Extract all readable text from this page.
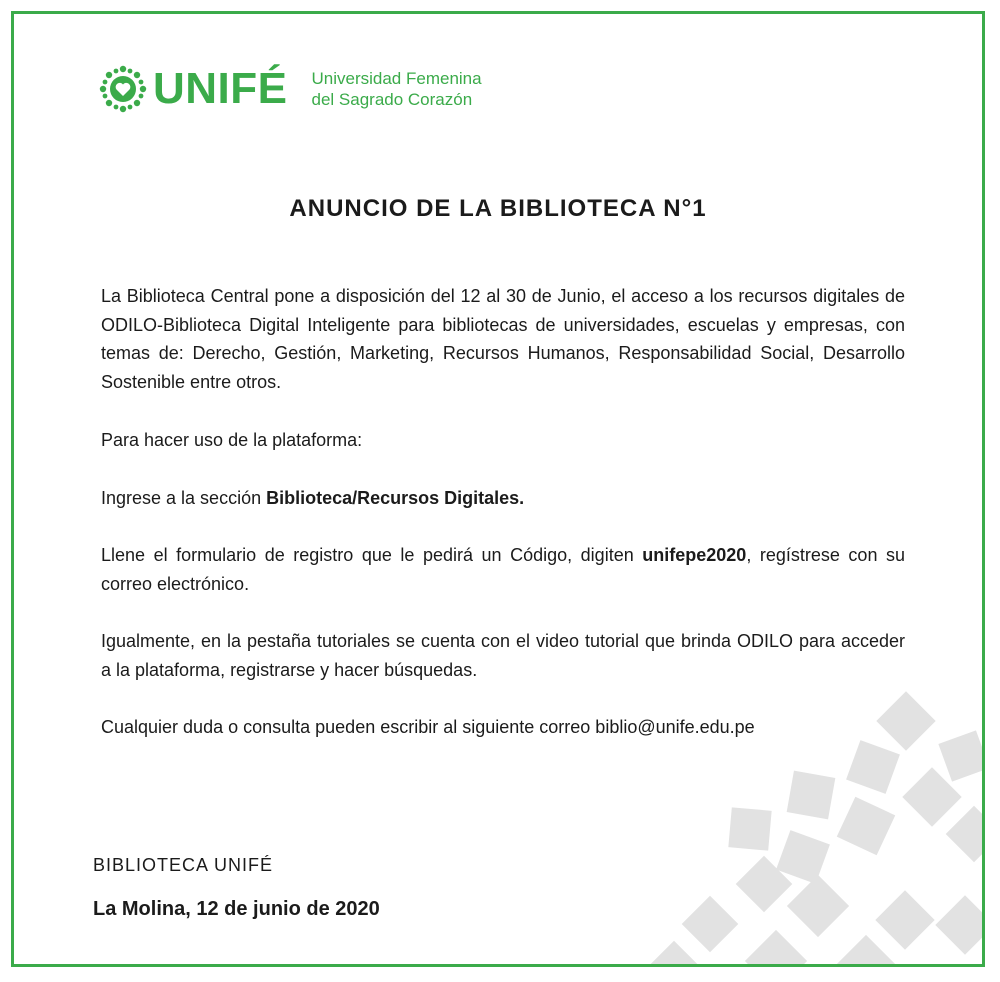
UNIFÉ Universidad Femenina
del Sagrado Corazón
ANUNCIO DE LA BIBLIOTECA N°1
La Biblioteca Central pone a disposición del 12 al 30 de Junio, el acceso a los recursos digitales de ODILO-Biblioteca Digital Inteligente para bibliotecas de universidades, escuelas y empresas, con temas de: Derecho, Gestión, Marketing, Recursos Humanos, Responsabilidad Social, Desarrollo Sostenible entre otros.
Para hacer uso de la plataforma:
Ingrese a la sección Biblioteca/Recursos Digitales.
Llene el formulario de registro que le pedirá un Código, digiten unifepe2020, regístrese con su correo electrónico.
Igualmente, en la pestaña tutoriales se cuenta con el video tutorial que brinda ODILO para acceder a la plataforma, registrarse y hacer búsquedas.
Cualquier duda o consulta pueden escribir al siguiente correo biblio@unife.edu.pe
BIBLIOTECA UNIFÉ
La Molina, 12 de junio de 2020
